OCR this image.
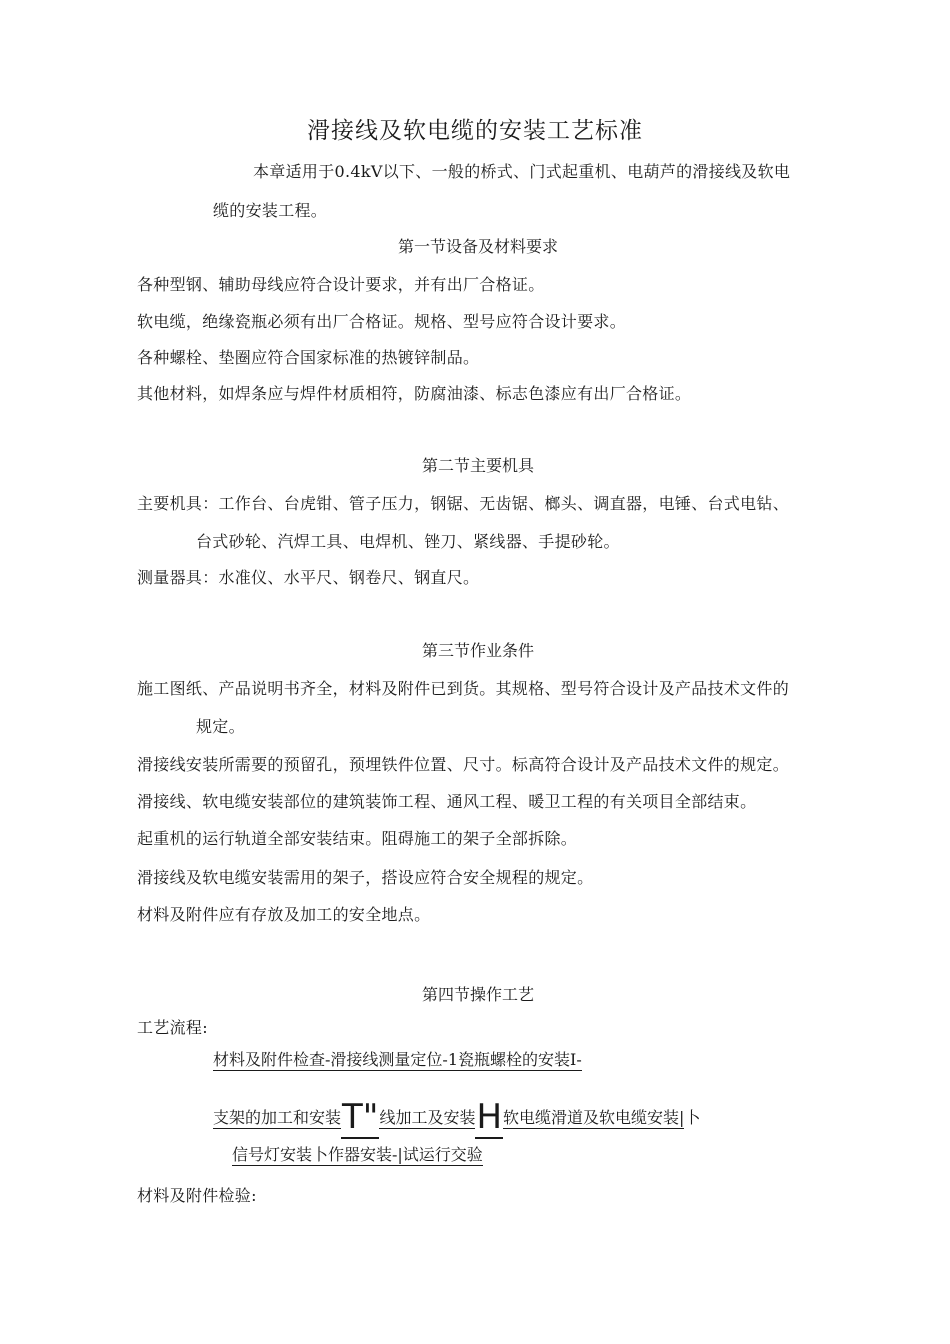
滑接线及软电缆的安装工艺标准
本章适用于0.4kV以下、一般的桥式、门式起重机、电葫芦的滑接线及软电
缆的安装工程。
第一节设备及材料要求
各种型钢、辅助母线应符合设计要求，并有出厂合格证。
软电缆，绝缘瓷瓶必须有出厂合格证。规格、型号应符合设计要求。
各种螺栓、垫圈应符合国家标准的热镀锌制品。
其他材料，如焊条应与焊件材质相符，防腐油漆、标志色漆应有出厂合格证。
第二节主要机具
主要机具：工作台、台虎钳、管子压力，钢锯、无齿锯、榔头、调直器，电锤、台式电钻、
台式砂轮、汽焊工具、电焊机、锉刀、紧线器、手提砂轮。
测量器具：水准仪、水平尺、钢卷尺、钢直尺。
第三节作业条件
施工图纸、产品说明书齐全，材料及附件已到货。其规格、型号符合设计及产品技术文件的
规定。
滑接线安装所需要的预留孔，预埋铁件位置、尺寸。标高符合设计及产品技术文件的规定。
滑接线、软电缆安装部位的建筑装饰工程、通风工程、暖卫工程的有关项目全部结束。
起重机的运行轨道全部安装结束。阻碍施工的架子全部拆除。
滑接线及软电缆安装需用的架子，搭设应符合安全规程的规定。
材料及附件应有存放及加工的安全地点。
第四节操作工艺
工艺流程:
材料及附件检查-滑接线测量定位-1瓷瓶螺栓的安装I-
支架的加工和安装T"线加工及安装H软电缆滑道及软电缆安装|卜
信号灯安装卜作器安装-|试运行交验
材料及附件检验:
